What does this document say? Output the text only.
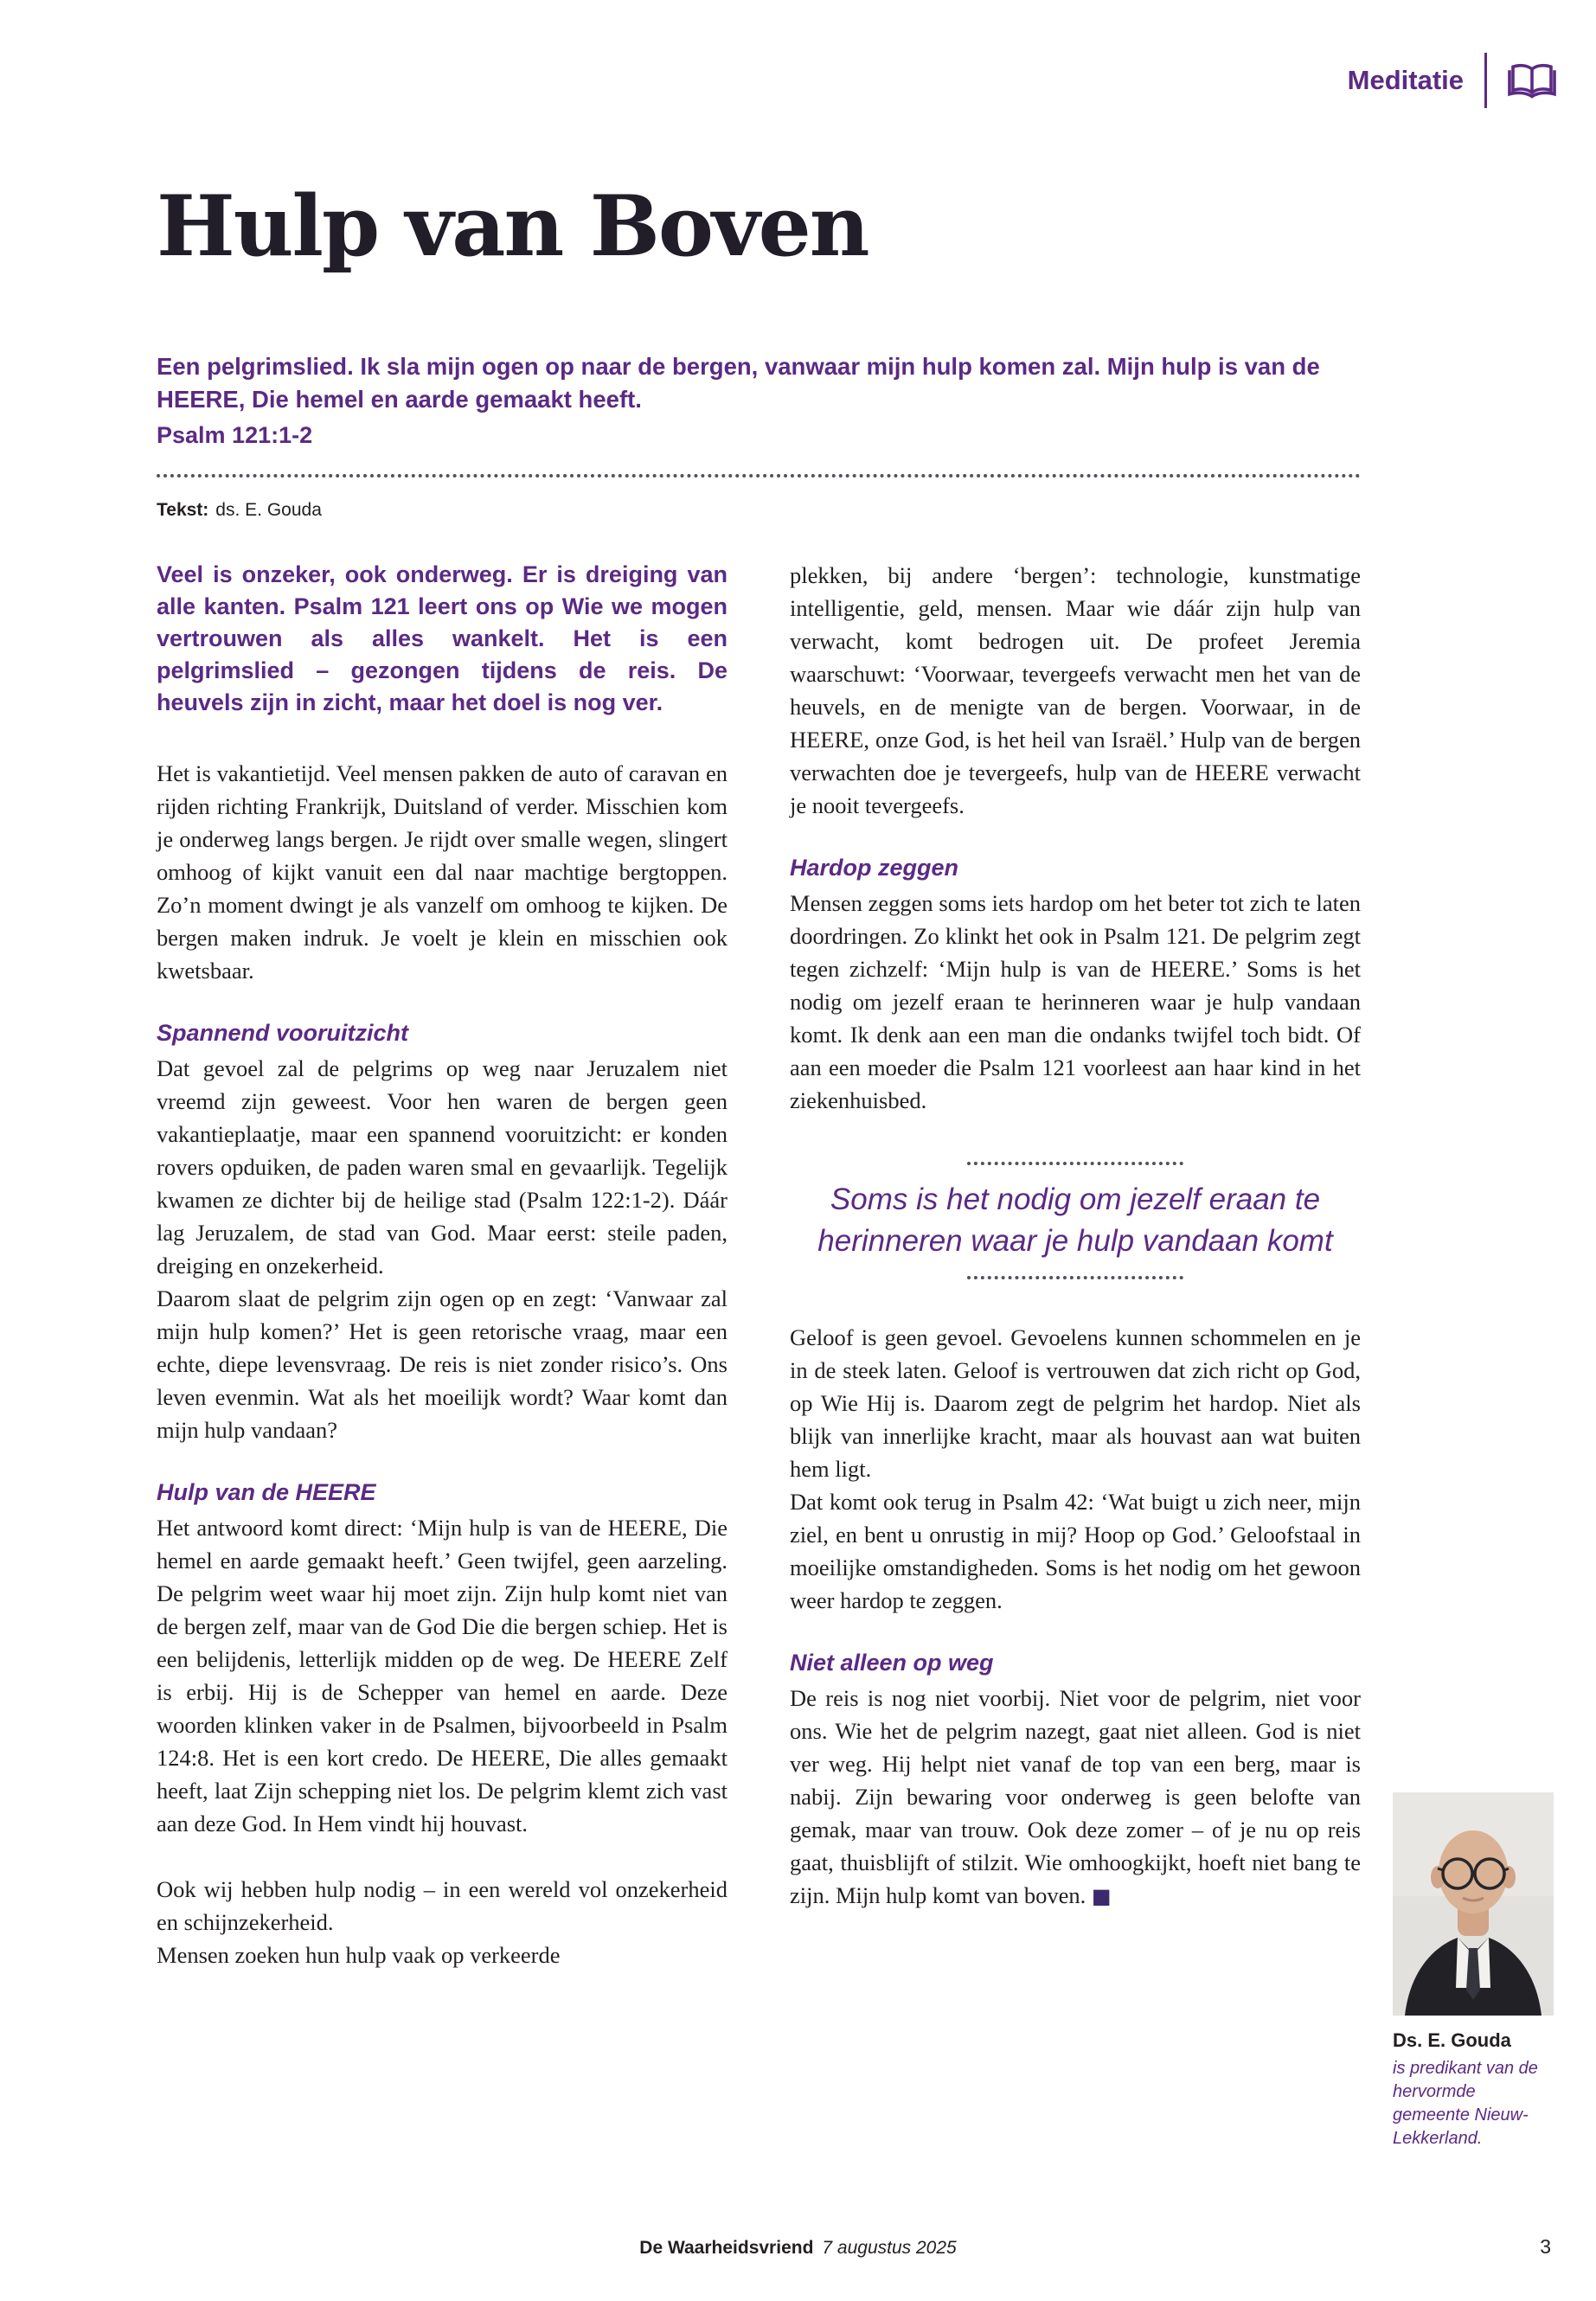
Meditatie
Hulp van Boven

Een pelgrimslied. Ik sla mijn ogen op naar de bergen, vanwaar mijn hulp komen zal. Mijn hulp is van de HEERE, Die hemel en aarde gemaakt heeft.

Psalm 121:1-2

Tekst: ds. E. Gouda

Veel is onzeker, ook onderweg. Er is dreiging van alle kanten. Psalm 121 leert ons op Wie we mogen vertrouwen als alles wankelt. Het is een pelgrimslied – gezongen tijdens de reis. De heuvels zijn in zicht, maar het doel is nog ver.

Het is vakantietijd. Veel mensen pakken de auto of caravan en rijden richting Frankrijk, Duitsland of verder. Misschien kom je onderweg langs bergen. Je rijdt over smalle wegen, slingert omhoog of kijkt vanuit een dal naar machtige bergtoppen. Zo’n moment dwingt je als vanzelf om omhoog te kijken. De bergen maken indruk. Je voelt je klein en misschien ook kwetsbaar.

Spannend vooruitzicht

Dat gevoel zal de pelgrims op weg naar Jeruzalem niet vreemd zijn geweest. Voor hen waren de bergen geen vakantieplaatje, maar een spannend vooruitzicht: er konden rovers opduiken, de paden waren smal en gevaarlijk. Tegelijk kwamen ze dichter bij de heilige stad (Psalm 122:1-2). Dáár lag Jeruzalem, de stad van God. Maar eerst: steile paden, dreiging en onzekerheid.

Daarom slaat de pelgrim zijn ogen op en zegt: ‘Vanwaar zal mijn hulp komen?’ Het is geen retorische vraag, maar een echte, diepe levensvraag. De reis is niet zonder risico’s. Ons leven evenmin. Wat als het moeilijk wordt? Waar komt dan mijn hulp vandaan?

Hulp van de HEERE

Het antwoord komt direct: ‘Mijn hulp is van de HEERE, Die hemel en aarde gemaakt heeft.’ Geen twijfel, geen aarzeling. De pelgrim weet waar hij moet zijn. Zijn hulp komt niet van de bergen zelf, maar van de God Die die bergen schiep. Het is een belijdenis, letterlijk midden op de weg. De HEERE Zelf is erbij. Hij is de Schepper van hemel en aarde. Deze woorden klinken vaker in de Psalmen, bijvoorbeeld in Psalm 124:8. Het is een kort credo. De HEERE, Die alles gemaakt heeft, laat Zijn schepping niet los. De pelgrim klemt zich vast aan deze God. In Hem vindt hij houvast.

Ook wij hebben hulp nodig – in een wereld vol onzekerheid en schijnzekerheid.

Mensen zoeken hun hulp vaak op verkeerde

plekken, bij andere ‘bergen’: technologie, kunstmatige intelligentie, geld, mensen. Maar wie dáár zijn hulp van verwacht, komt bedrogen uit. De profeet Jeremia waarschuwt: ‘Voorwaar, tevergeefs verwacht men het van de heuvels, en de menigte van de bergen. Voorwaar, in de HEERE, onze God, is het heil van Israël.’ Hulp van de bergen verwachten doe je tevergeefs, hulp van de HEERE verwacht je nooit tevergeefs.

Hardop zeggen

Mensen zeggen soms iets hardop om het beter tot zich te laten doordringen. Zo klinkt het ook in Psalm 121. De pelgrim zegt tegen zichzelf: ‘Mijn hulp is van de HEERE.’ Soms is het nodig om jezelf eraan te herinneren waar je hulp vandaan komt. Ik denk aan een man die ondanks twijfel toch bidt. Of aan een moeder die Psalm 121 voorleest aan haar kind in het ziekenhuisbed.

Soms is het nodig om jezelf eraan te herinneren waar je hulp vandaan komt

Geloof is geen gevoel. Gevoelens kunnen schommelen en je in de steek laten. Geloof is vertrouwen dat zich richt op God, op Wie Hij is. Daarom zegt de pelgrim het hardop. Niet als blijk van innerlijke kracht, maar als houvast aan wat buiten hem ligt.

Dat komt ook terug in Psalm 42: ‘Wat buigt u zich neer, mijn ziel, en bent u onrustig in mij? Hoop op God.’ Geloofstaal in moeilijke omstandigheden. Soms is het nodig om het gewoon weer hardop te zeggen.

Niet alleen op weg

De reis is nog niet voorbij. Niet voor de pelgrim, niet voor ons. Wie het de pelgrim nazegt, gaat niet alleen. God is niet ver weg. Hij helpt niet vanaf de top van een berg, maar is nabij. Zijn bewaring voor onderweg is geen belofte van gemak, maar van trouw. Ook deze zomer – of je nu op reis gaat, thuisblijft of stilzit. Wie omhoogkijkt, hoeft niet bang te zijn. Mijn hulp komt van boven. ■

Ds. E. Gouda

is predikant van de hervormde gemeente Nieuw-Lekkerland.

De Waarheidsvriend 7 augustus 2025	3
